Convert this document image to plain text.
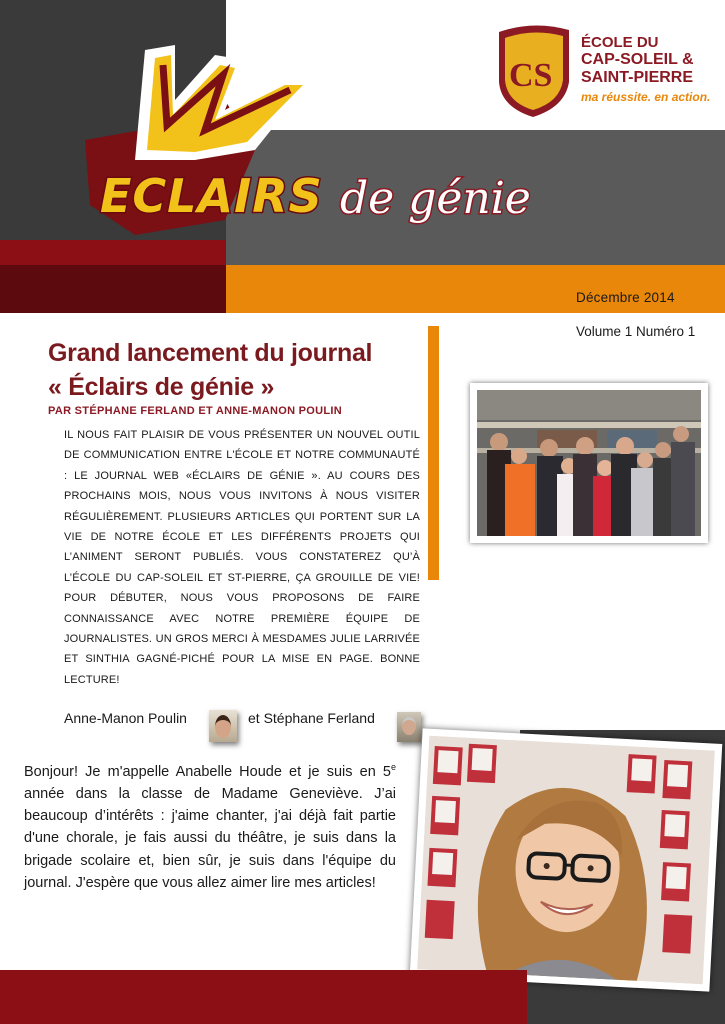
ECLAIRS de génie
CS
ÉCOLE DU
CAP-SOLEIL &
SAINT-PIERRE
ma réussite. en action.
Décembre 2014
Volume 1 Numéro 1
Grand lancement du journal
« Éclairs de génie »
PAR STÉPHANE FERLAND ET ANNE-MANON POULIN
IL NOUS FAIT PLAISIR DE VOUS PRÉSENTER UN NOUVEL OUTIL DE COMMUNICATION ENTRE L'ÉCOLE ET NOTRE COMMUNAUTÉ : LE JOURNAL WEB «ÉCLAIRS DE GÉNIE ». AU COURS DES PROCHAINS MOIS, NOUS VOUS INVITONS À NOUS VISITER RÉGULIÈREMENT. PLUSIEURS ARTICLES QUI PORTENT SUR LA VIE DE NOTRE ÉCOLE ET LES DIFFÉRENTS PROJETS QUI L’ANIMENT SERONT PUBLIÉS. VOUS CONSTATEREZ QU’À L’ÉCOLE DU CAP-SOLEIL ET ST-PIERRE, ÇA GROUILLE DE VIE! POUR DÉBUTER, NOUS VOUS PROPOSONS DE FAIRE CONNAISSANCE AVEC NOTRE PREMIÈRE ÉQUIPE DE JOURNALISTES. UN GROS MERCI À MESDAMES JULIE LARRIVÉE ET SINTHIA GAGNÉ-PICHÉ POUR LA MISE EN PAGE. BONNE LECTURE!
Anne-Manon Poulin	et Stéphane Ferland
Bonjour! Je m'appelle Anabelle Houde et je suis en 5e année dans la classe de Madame Geneviève. J’ai beaucoup d’intérêts : j'aime chanter, j'ai déjà fait partie d'une chorale, je fais aussi du théâtre, je suis dans la brigade scolaire et, bien sûr, je suis dans l'équipe du journal. J'espère que vous allez aimer lire mes articles!
